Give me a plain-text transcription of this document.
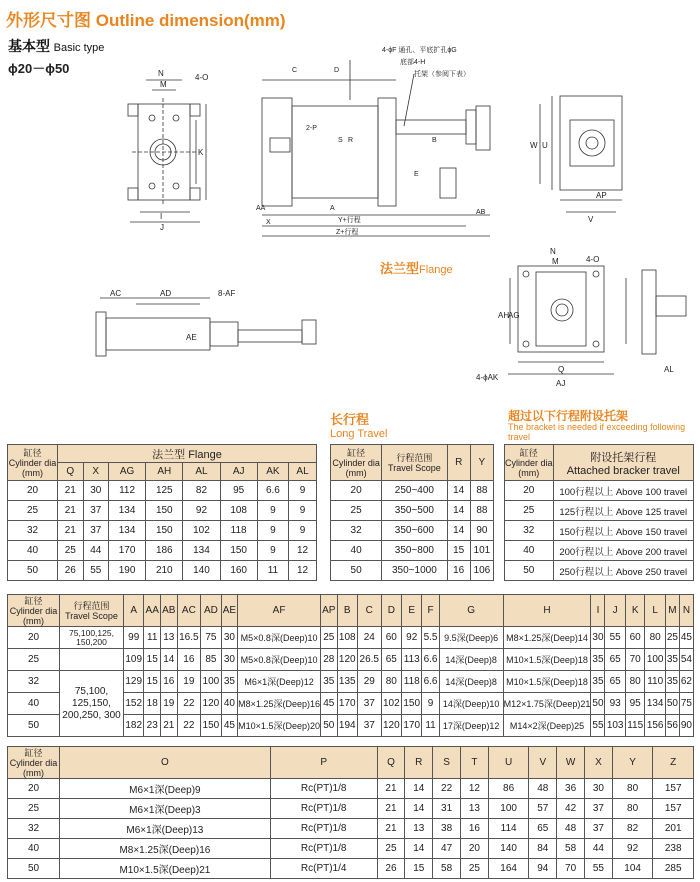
外形尺寸图 Outline dimension(mm)
基本型 Basic type
ϕ20－ϕ50	N
M
4-O
K
I
J
C	D
4-ϕF 通孔、平底扩孔ϕG
底部4-H
托架（参阅下表）
2-P
S R	B
AA
X
A
Y+行程
Z+行程
AB
E
U
W
AP
V
AC	AD	8-AF
AE
N
M	4-O
AH
AG
4-ϕAK
Q
AJ
AL
法兰型Flange
长行程
Long Travel
超过以下行程附设托架
The bracket is needed if exceeding following travel
缸径
Cylinder dia
(mm)	法兰型 Flange							
	Q	X	AG	AH	AL	AJ	AK	AL
20	21	30	112	125	82	95	6.6	9
25	21	37	134	150	92	108	9	9
32	21	37	134	150	102	118	9	9
40	25	44	170	186	134	150	9	12
50	26	55	190	210	140	160	11	12
缸径
Cylinder dia
(mm)	行程范围
Travel Scope	R	Y
20	250~400	14	88
25	350~500	14	88
32	350~600	14	90
40	350~800	15	101
50	350~1000	16	106
缸径
Cylinder dia
(mm)	附设托架行程
Attached bracker travel
20	100行程以上 Above 100 travel
25	125行程以上 Above 125 travel
32	150行程以上 Above 150 travel
40	200行程以上 Above 200 travel
50	250行程以上 Above 250 travel
缸径
Cylinder dia
(mm)	行程范围
Travel Scope	A	AA	AB	AC	AD	AE	AF	AP	B	C	D	E	F	G	H	I	J	K	L	M	N
20	75,100,125, 150,200	99	11	13	16.5	75	30	M5×0.8深(Deep)10	25	108	24	60	92	5.5	9.5深(Deep)6	M8×1.25深(Deep)14	30	55	60	80	25	45
25		109	15	14	16	85	30	M5×0.8深(Deep)10	28	120	26.5	65	113	6.6	14深(Deep)8	M10×1.5深(Deep)18	35	65	70	100	35	54
32	75,100, 125,150, 200,250, 300	129	15	16	19	100	35	M6×1深(Deep)12	35	135	29	80	118	6.6	14深(Deep)8	M10×1.5深(Deep)18	35	65	80	110	35	62
40		152	18	19	22	120	40	M8×1.25深(Deep)16	45	170	37	102	150	9	14深(Deep)10	M12×1.75深(Deep)21	50	93	95	134	50	75
50		182	23	21	22	150	45	M10×1.5深(Deep)20	50	194	37	120	170	11	17深(Deep)12	M14×2深(Deep)25	55	103	115	156	56	90
缸径
Cylinder dia
(mm)	O	P	Q	R	S	T	U	V	W	X	Y	Z
20	M6×1深(Deep)9	Rc(PT)1/8	21	14	22	12	86	48	36	30	80	157
25	M6×1深(Deep)3	Rc(PT)1/8	21	14	31	13	100	57	42	37	80	157
32	M6×1深(Deep)13	Rc(PT)1/8	21	13	38	16	114	65	48	37	82	201
40	M8×1.25深(Deep)16	Rc(PT)1/8	25	14	47	20	140	84	58	44	92	238
50	M10×1.5深(Deep)21	Rc(PT)1/4	26	15	58	25	164	94	70	55	104	285
